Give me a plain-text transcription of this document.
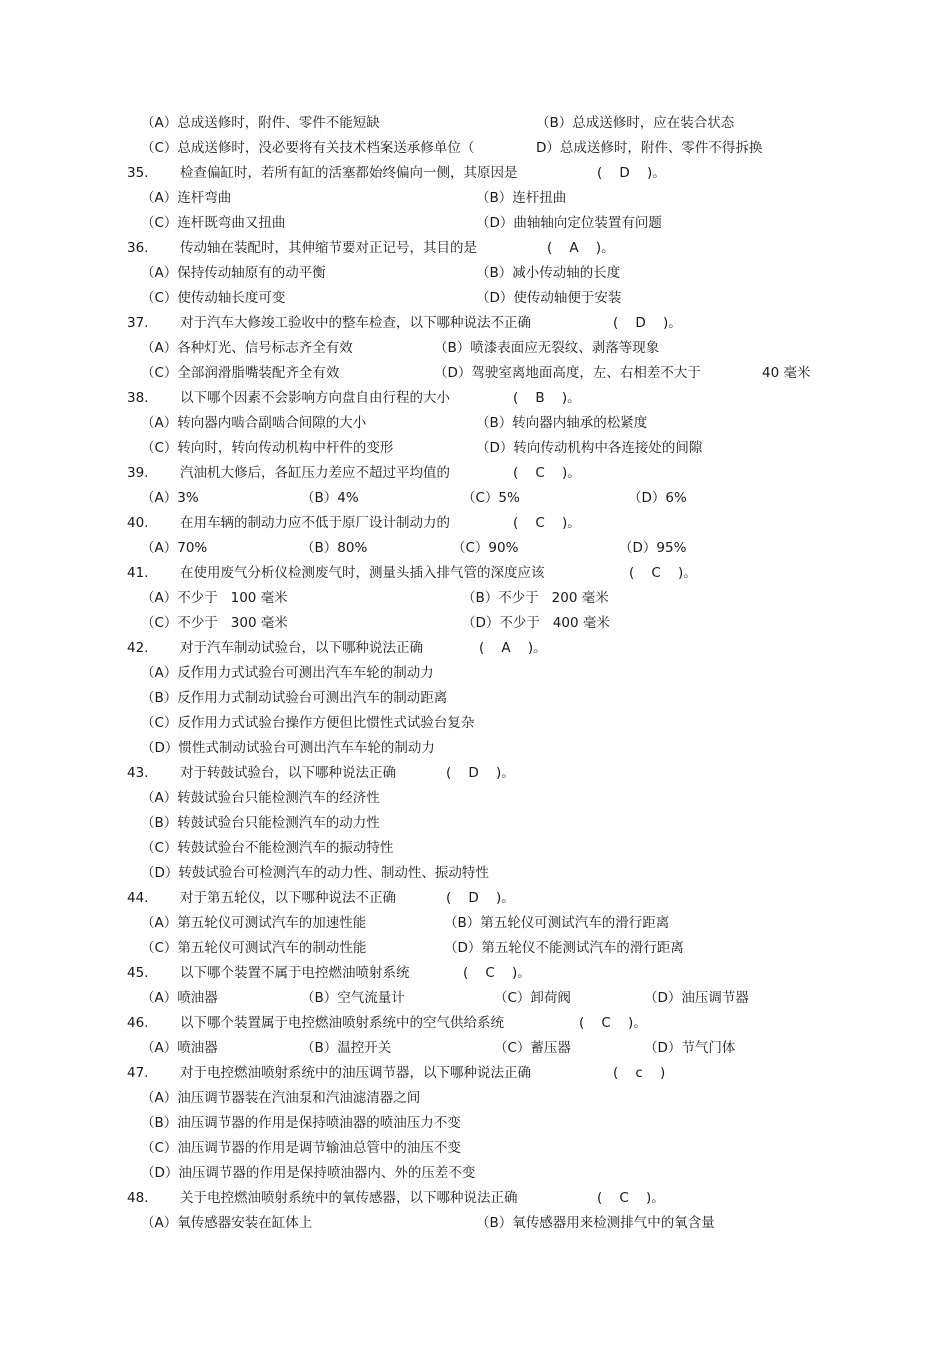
（A）总成送修时，附件、零件不能短缺	（B）总成送修时，应在装合状态
（C）总成送修时，没必要将有关技术档案送承修单位（	D）总成送修时，附件、零件不得拆换
35. 检查偏缸时，若所有缸的活塞都始终偏向一侧，其原因是	(    D    )。
（A）连杆弯曲	（B）连杆扭曲
（C）连杆既弯曲又扭曲	（D）曲轴轴向定位装置有问题
36. 传动轴在装配时，其伸缩节要对正记号，其目的是	(    A    )。
（A）保持传动轴原有的动平衡	（B）减小传动轴的长度
（C）使传动轴长度可变	（D）使传动轴便于安装
37. 对于汽车大修竣工验收中的整车检查，以下哪种说法不正确	(    D    )。
（A）各种灯光、信号标志齐全有效	（B）喷漆表面应无裂纹、剥落等现象
（C）全部润滑脂嘴装配齐全有效	（D）驾驶室离地面高度，左、右相差不大于	40 毫米
38. 以下哪个因素不会影响方向盘自由行程的大小	(    B    )。
（A）转向器内啮合副啮合间隙的大小	（B）转向器内轴承的松紧度
（C）转向时，转向传动机构中杆件的变形	（D）转向传动机构中各连接处的间隙
39. 汽油机大修后，各缸压力差应不超过平均值的	(    C    )。
（A）3%	（B）4%	（C）5%	（D）6%
40. 在用车辆的制动力应不低于原厂设计制动力的	(    C    )。
（A）70%	（B）80%	（C）90%	（D）95%
41. 在使用废气分析仪检测废气时，测量头插入排气管的深度应该	(    C    )。
（A）不少于   100 毫米	（B）不少于   200 毫米
（C）不少于   300 毫米	（D）不少于   400 毫米
42. 对于汽车制动试验台，以下哪种说法正确	(    A    )。
（A）反作用力式试验台可测出汽车车轮的制动力
（B）反作用力式制动试验台可测出汽车的制动距离
（C）反作用力式试验台操作方便但比惯性式试验台复杂
（D）惯性式制动试验台可测出汽车车轮的制动力
43. 对于转鼓试验台，以下哪种说法正确	(    D    )。
（A）转鼓试验台只能检测汽车的经济性
（B）转鼓试验台只能检测汽车的动力性
（C）转鼓试验台不能检测汽车的振动特性
（D）转鼓试验台可检测汽车的动力性、制动性、振动特性
44. 对于第五轮仪，以下哪种说法不正确	(    D    )。
（A）第五轮仪可测试汽车的加速性能	（B）第五轮仪可测试汽车的滑行距离
（C）第五轮仪可测试汽车的制动性能	（D）第五轮仪不能测试汽车的滑行距离
45. 以下哪个装置不属于电控燃油喷射系统	(    C    )。
（A）喷油器	（B）空气流量计	（C）卸荷阀	（D）油压调节器
46. 以下哪个装置属于电控燃油喷射系统中的空气供给系统	(    C    )。
（A）喷油器	（B）温控开关	（C）蓄压器	（D）节气门体
47. 对于电控燃油喷射系统中的油压调节器，以下哪种说法正确	(    c    )
（A）油压调节器装在汽油泵和汽油滤清器之间
（B）油压调节器的作用是保持喷油器的喷油压力不变
（C）油压调节器的作用是调节输油总管中的油压不变
（D）油压调节器的作用是保持喷油器内、外的压差不变
48. 关于电控燃油喷射系统中的氧传感器，以下哪种说法正确	(    C    )。
（A）氧传感器安装在缸体上	（B）氧传感器用来检测排气中的氧含量
